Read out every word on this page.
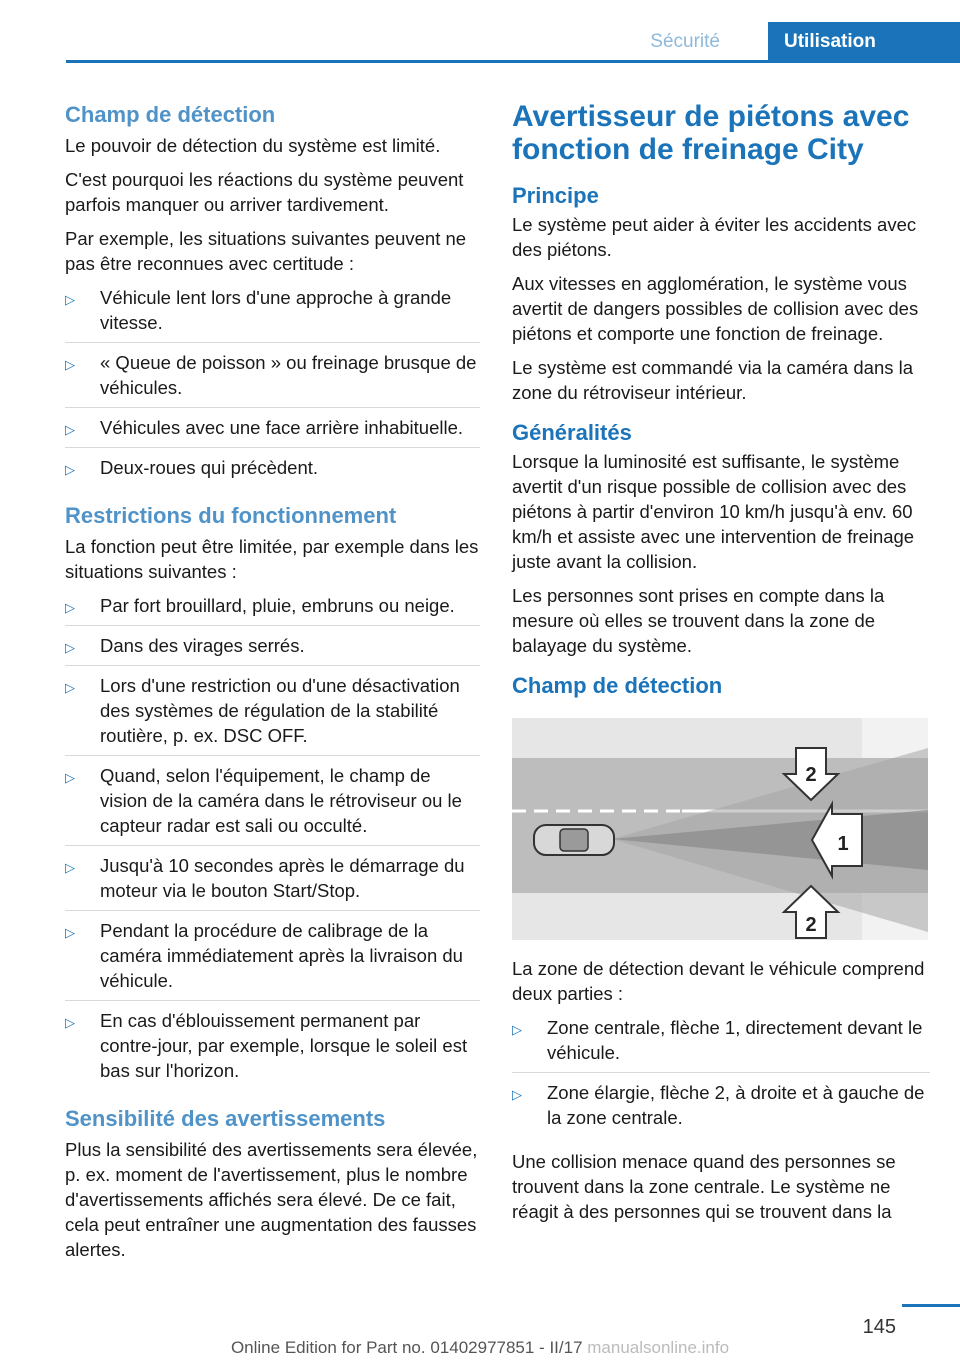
Sécurité	Utilisation
Champ de détection

Le pouvoir de détection du système est limité.

C'est pourquoi les réactions du système peuvent parfois manquer ou arriver tardivement.

Par exemple, les situations suivantes peuvent ne pas être reconnues avec certitude :

▷ Véhicule lent lors d'une approche à grande vitesse.
▷ « Queue de poisson » ou freinage brusque de véhicules.
▷ Véhicules avec une face arrière inhabituelle.
▷ Deux-roues qui précèdent.
Restrictions du fonctionnement

La fonction peut être limitée, par exemple dans les situations suivantes :

▷ Par fort brouillard, pluie, embruns ou neige.
▷ Dans des virages serrés.
▷ Lors d'une restriction ou d'une désactivation des systèmes de régulation de la stabilité routière, p. ex. DSC OFF.
▷ Quand, selon l'équipement, le champ de vision de la caméra dans le rétroviseur ou le capteur radar est sali ou occulté.
▷ Jusqu'à 10 secondes après le démarrage du moteur via le bouton Start/Stop.
▷ Pendant la procédure de calibrage de la caméra immédiatement après la livraison du véhicule.
▷ En cas d'éblouissement permanent par contre-jour, par exemple, lorsque le soleil est bas sur l'horizon.
Sensibilité des avertissements

Plus la sensibilité des avertissements sera élevée, p. ex. moment de l'avertissement, plus le nombre d'avertissements affichés sera élevé. De ce fait, cela peut entraîner une augmentation des fausses alertes.

Avertisseur de piétons avec fonction de freinage City
Principe

Le système peut aider à éviter les accidents avec des piétons.

Aux vitesses en agglomération, le système vous avertit de dangers possibles de collision avec des piétons et comporte une fonction de freinage.

Le système est commandé via la caméra dans la zone du rétroviseur intérieur.

Généralités

Lorsque la luminosité est suffisante, le système avertit d'un risque possible de collision avec des piétons à partir d'environ 10 km/h jusqu'à env. 60 km/h et assiste avec une intervention de freinage juste avant la collision.

Les personnes sont prises en compte dans la mesure où elles se trouvent dans la zone de balayage du système.

Champ de détection
1
2
2

La zone de détection devant le véhicule comprend deux parties :

▷ Zone centrale, flèche 1, directement devant le véhicule.
▷ Zone élargie, flèche 2, à droite et à gauche de la zone centrale.

Une collision menace quand des personnes se trouvent dans la zone centrale. Le système ne réagit à des personnes qui se trouvent dans la

145
Online Edition for Part no. 01402977851 - II/17 manualsonline.info
